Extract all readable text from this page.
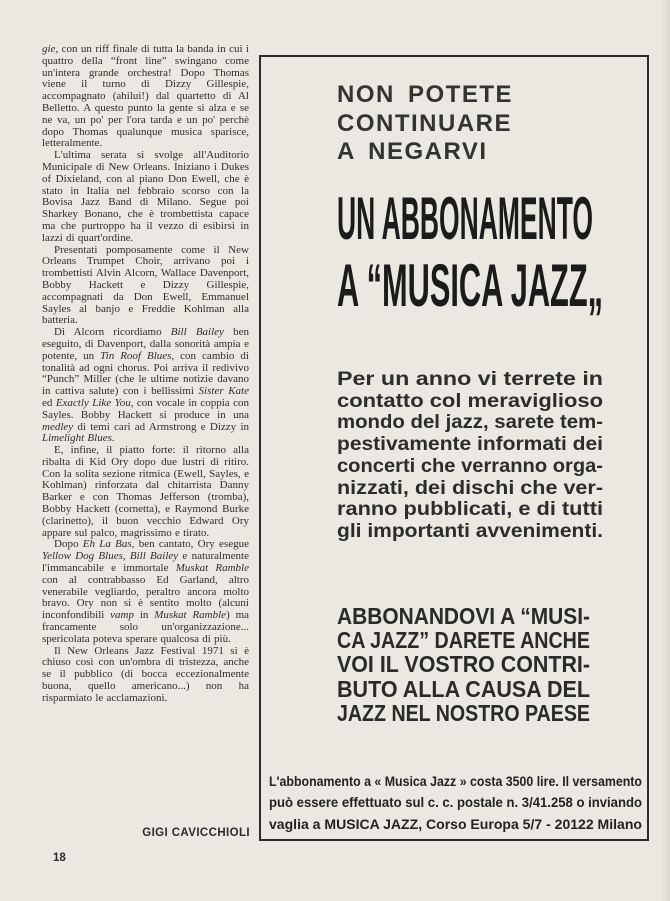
gie, con un riff finale di tutta la banda in cui i quattro della “front line” swingano come un'intera grande orchestra! Dopo Thomas viene il turno di Dizzy Gillespie, accompagnato (ahilui!) dal quartetto di Al Belletto. A questo punto la gente si alza e se ne va, un po' per l'ora tarda e un po' perchè dopo Thomas qualunque musica sparisce, letteralmente.

L'ultima serata si svolge all'Auditorio Municipale di New Orleans. Iniziano i Dukes of Dixieland, con al piano Don Ewell, che è stato in Italia nel febbraio scorso con la Bovisa Jazz Band di Milano. Segue poi Sharkey Bonano, che è trombettista capace ma che purtroppo ha il vezzo di esibirsi in lazzi di quart'ordine.

Presentati pomposamente come il New Orleans Trumpet Choir, arrivano poi i trombettisti Alvin Alcorn, Wallace Davenport, Bobby Hackett e Dizzy Gillespie, accompagnati da Don Ewell, Emmanuel Sayles al banjo e Freddie Kohlman alla batteria.

Di Alcorn ricordiamo Bill Bailey ben eseguito, di Davenport, dalla sonorità ampia e potente, un Tin Roof Blues, con cambio di tonalità ad ogni chorus. Poi arriva il redivivo “Punch” Miller (che le ultime notizie davano in cattiva salute) con i bellissimi Sister Kate ed Exactly Like You, con vocale in coppia con Sayles. Bobby Hackett si produce in una medley di temi cari ad Armstrong e Dizzy in Limelight Blues.

E, infine, il piatto forte: il ritorno alla ribalta di Kid Ory dopo due lustri di ritiro. Con la solita sezione ritmica (Ewell, Sayles, e Kohlman) rinforzata dal chitarrista Danny Barker e con Thomas Jefferson (tromba), Bobby Hackett (cornetta), e Raymond Burke (clarinetto), il buon vecchio Edward Ory appare sul palco, magrissimo e tirato.

Dopo Eh La Bas, ben cantato, Ory esegue Yellow Dog Blues, Bill Bailey e naturalmente l'immancabile e immortale Muskat Ramble con al contrabbasso Ed Garland, altro venerabile vegliardo, peraltro ancora molto bravo. Ory non si è sentito molto (alcuni inconfondibili vamp in Muskat Ramble) ma francamente solo un'organizzazione... spericolata poteva sperare qualcosa di più.

Il New Orleans Jazz Festival 1971 si è chiuso così con un'ombra di tristezza, anche se il pubblico (di bocca eccezionalmente buona, quello americano...) non ha risparmiato le acclamazioni.

GIGI CAVICCHIOLI
18
NON POTETE
CONTINUARE
A NEGARVI
UN ABBONAMENTO
A “MUSICA JAZZ„
Per un anno vi terrete in
contatto col meraviglioso
mondo del jazz, sarete tem-
pestivamente informati dei
concerti che verranno orga-
nizzati, dei dischi che ver-
ranno pubblicati, e di tutti
gli importanti avvenimenti.
ABBONANDOVI A “MUSI-
CA JAZZ” DARETE ANCHE
VOI IL VOSTRO CONTRI-
BUTO ALLA CAUSA DEL
JAZZ NEL NOSTRO PAESE
L'abbonamento a « Musica Jazz » costa 3500 lire. Il versamento
può essere effettuato sul c. c. postale n. 3/41.258 o inviando
vaglia a MUSICA JAZZ, Corso Europa 5/7 - 20122 Milano
